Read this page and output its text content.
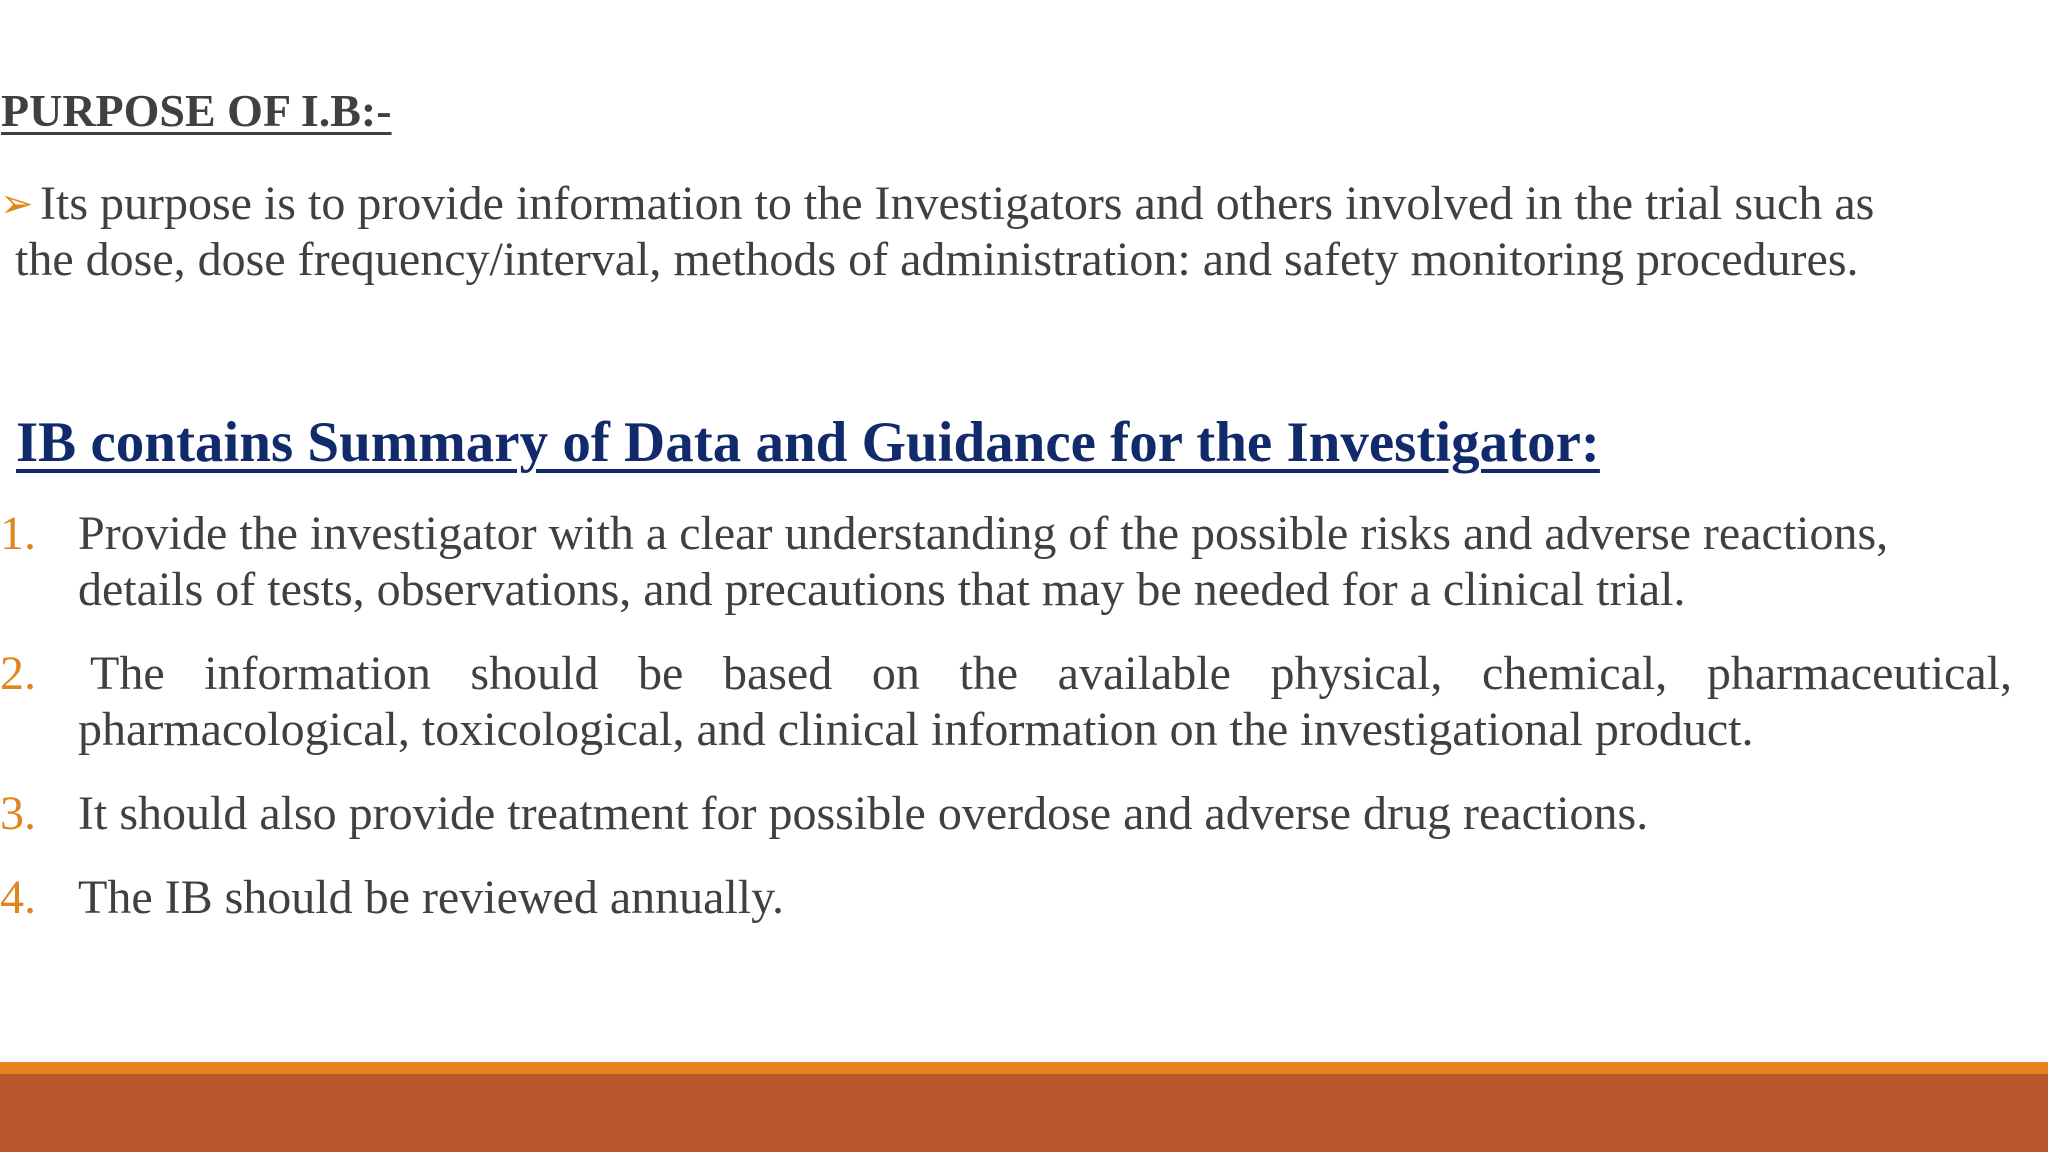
PURPOSE OF I.B:-
➢ Its purpose is to provide information to the Investigators and others involved in the trial such as
the dose, dose frequency/interval, methods of administration: and safety monitoring procedures.
IB contains Summary of Data and Guidance for the Investigator:
1. Provide the investigator with a clear understanding of the possible risks and adverse reactions,
details of tests, observations, and precautions that may be needed for a clinical trial.
2. The information should be based on the available physical, chemical, pharmaceutical,
pharmacological, toxicological, and clinical information on the investigational product.
3. It should also provide treatment for possible overdose and adverse drug reactions.
4. The IB should be reviewed annually.
